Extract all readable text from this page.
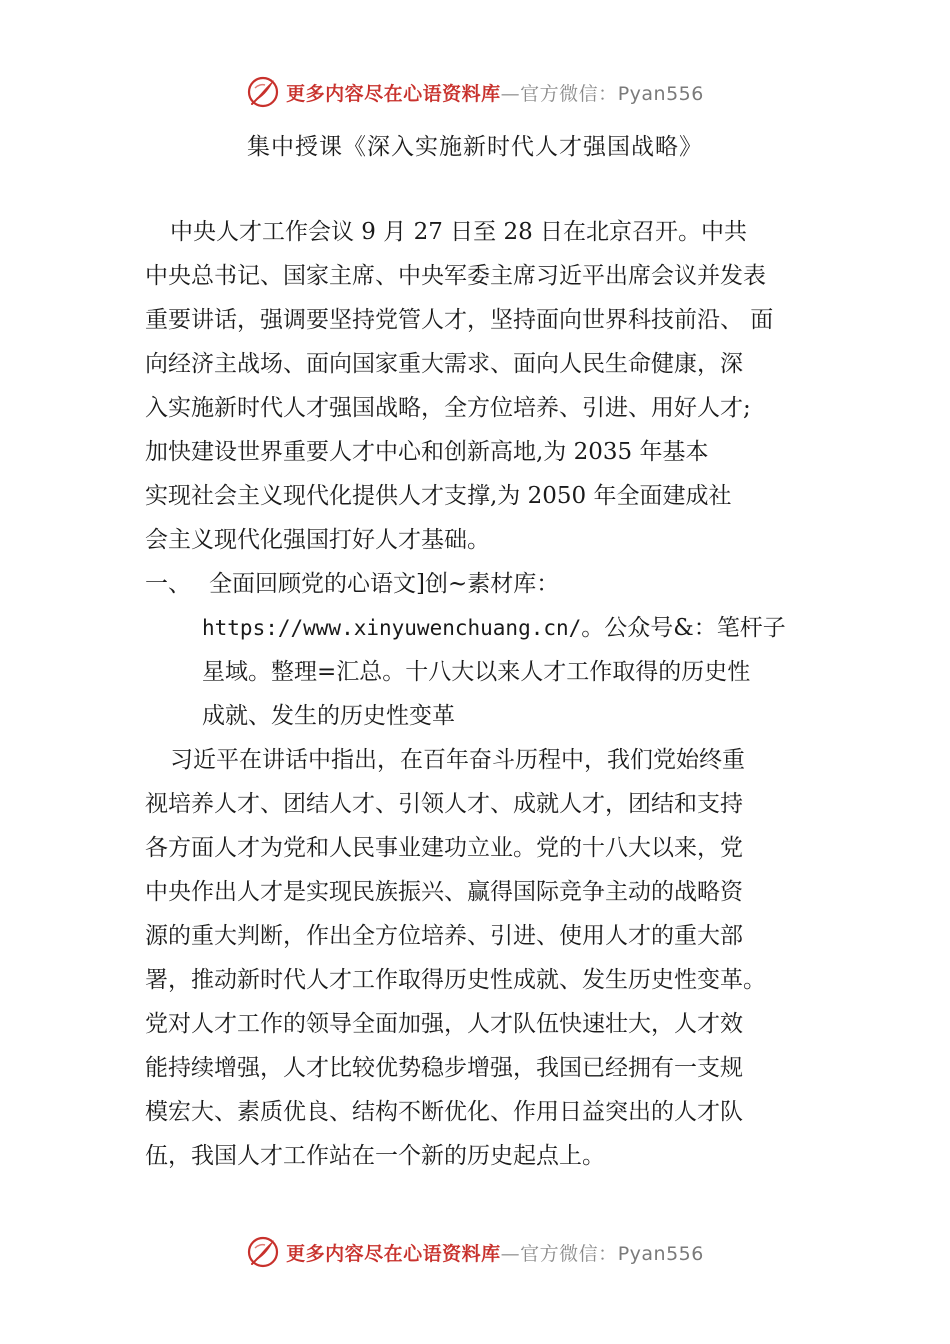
更多内容尽在心语资料库—官方微信：Pyan556
集中授课《深入实施新时代人才强国战略》

中央人才工作会议 9 月 27 日至 28 日在北京召开。中共

中央总书记、国家主席、中央军委主席习近平出席会议并发表

重要讲话，强调要坚持党管人才，坚持面向世界科技前沿、 面

向经济主战场、面向国家重大需求、面向人民生命健康，深

入实施新时代人才强国战略，全方位培养、引进、用好人才;

加快建设世界重要人才中心和创新高地,为 2035 年基本

实现社会主义现代化提供人才支撑,为 2050 年全面建成社

会主义现代化强国打好人才基础。

一、 全面回顾党的心语文]创~素材库：

https://www.xinyuwenchuang.cn/。公众号&：笔杆子

星域。整理=汇总。十八大以来人才工作取得的历史性

成就、发生的历史性变革

习近平在讲话中指出，在百年奋斗历程中，我们党始终重

视培养人才、团结人才、引领人才、成就人才，团结和支持

各方面人才为党和人民事业建功立业。党的十八大以来，党

中央作出人才是实现民族振兴、赢得国际竞争主动的战略资

源的重大判断，作出全方位培养、引进、使用人才的重大部

署，推动新时代人才工作取得历史性成就、发生历史性变革。

党对人才工作的领导全面加强，人才队伍快速壮大，人才效

能持续增强，人才比较优势稳步增强，我国已经拥有一支规

模宏大、素质优良、结构不断优化、作用日益突出的人才队

伍，我国人才工作站在一个新的历史起点上。

更多内容尽在心语资料库—官方微信：Pyan556
